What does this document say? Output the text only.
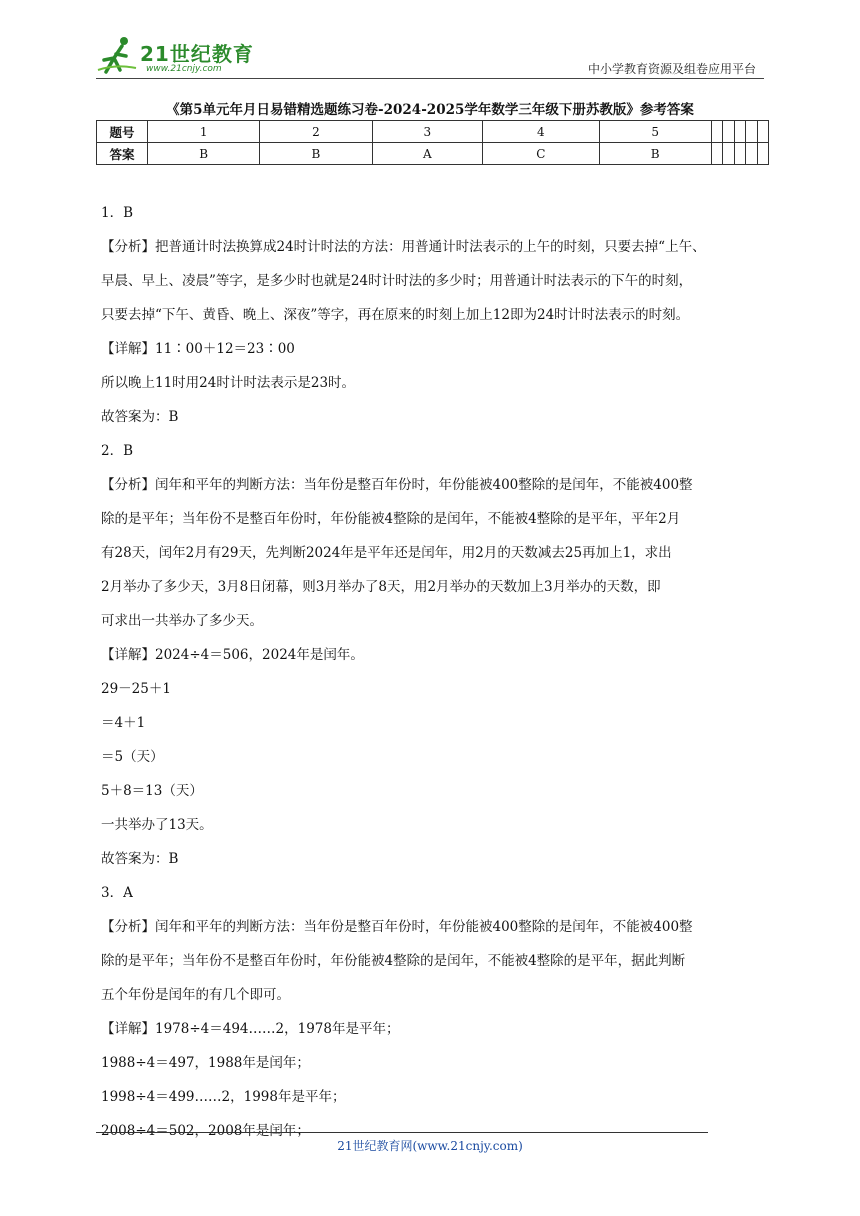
21世纪教育
www.21cnjy.com	中小学教育资源及组卷应用平台
《第5单元年月日易错精选题练习卷-2024-2025学年数学三年级下册苏教版》参考答案
题号	1	2	3	4	5					
答案	B	B	A	C	B					

1．B

【分析】把普通计时法换算成24时计时法的方法：用普通计时法表示的上午的时刻，只要去掉“上午、

早晨、早上、凌晨”等字，是多少时也就是24时计时法的多少时；用普通计时法表示的下午的时刻，

只要去掉“下午、黄昏、晚上、深夜”等字，再在原来的时刻上加上12即为24时计时法表示的时刻。

【详解】11∶00＋12＝23∶00

所以晚上11时用24时计时法表示是23时。

故答案为：B

2．B

【分析】闰年和平年的判断方法：当年份是整百年份时，年份能被400整除的是闰年，不能被400整

除的是平年；当年份不是整百年份时，年份能被4整除的是闰年，不能被4整除的是平年，平年2月

有28天，闰年2月有29天，先判断2024年是平年还是闰年，用2月的天数减去25再加上1，求出

2月举办了多少天，3月8日闭幕，则3月举办了8天，用2月举办的天数加上3月举办的天数，即

可求出一共举办了多少天。

【详解】2024÷4＝506，2024年是闰年。

29－25＋1

＝4＋1

＝5（天）

5＋8＝13（天）

一共举办了13天。

故答案为：B

3．A

【分析】闰年和平年的判断方法：当年份是整百年份时，年份能被400整除的是闰年，不能被400整

除的是平年；当年份不是整百年份时，年份能被4整除的是闰年，不能被4整除的是平年，据此判断

五个年份是闰年的有几个即可。

【详解】1978÷4＝494……2，1978年是平年；

1988÷4＝497，1988年是闰年；

1998÷4＝499……2，1998年是平年；

2008÷4＝502，2008年是闰年；

21世纪教育网(www.21cnjy.com)
